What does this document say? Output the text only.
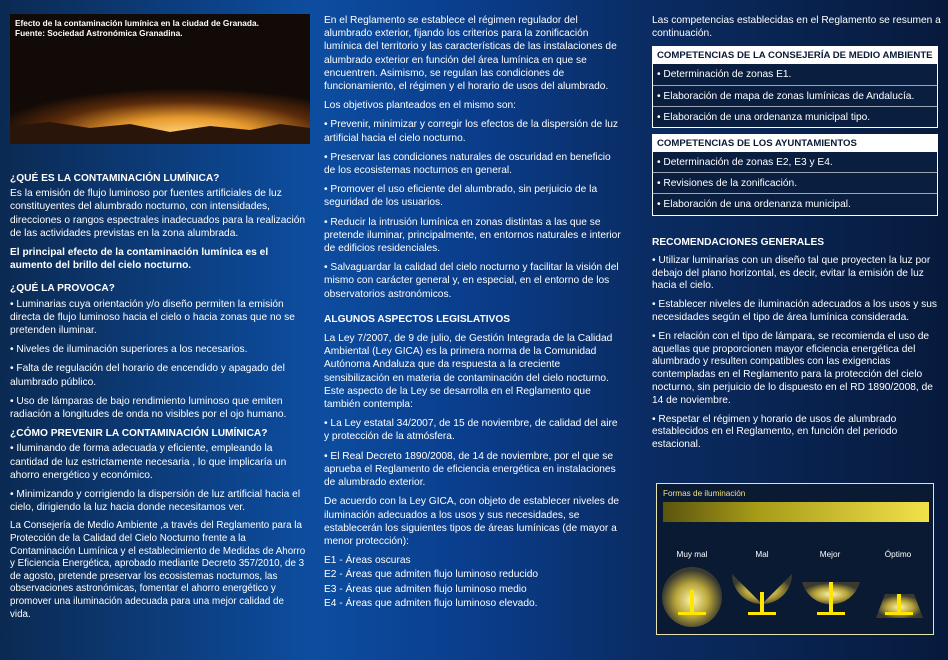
Efecto de la contaminación lumínica en la ciudad de Granada.
Fuente: Sociedad Astronómica Granadina.
¿QUÉ ES LA CONTAMINACIÓN LUMÍNICA?

Es la emisión de flujo luminoso por fuentes artificiales de luz constituyentes del alumbrado nocturno, con intensidades, direcciones o rangos espectrales inadecuados para la realización de las actividades previstas en la zona alumbrada.

El principal efecto de la contaminación lumínica es el aumento del brillo del cielo nocturno.

¿QUÉ LA PROVOCA?

• Luminarias cuya orientación y/o diseño permiten la emisión directa de flujo luminoso hacia el cielo o hacia zonas que no se pretenden iluminar.

• Niveles de iluminación superiores a los necesarios.

• Falta de regulación del horario de encendido y apagado del alumbrado público.

• Uso de lámparas de bajo rendimiento luminoso que emiten radiación a longitudes de onda no visibles por el ojo humano.

¿CÓMO PREVENIR LA CONTAMINACIÓN LUMÍNICA?

• Iluminando de forma adecuada y eficiente, empleando la cantidad de luz estrictamente necesaria , lo que implicaría un ahorro energético y económico.

• Minimizando y corrigiendo la dispersión de luz artificial hacia el cielo, dirigiendo la luz hacia donde necesitamos ver.

La Consejería de Medio Ambiente ,a través del Reglamento para la Protección de la Calidad del Cielo Nocturno frente a la Contaminación Lumínica y el establecimiento de Medidas de Ahorro y Eficiencia Energética, aprobado mediante Decreto 357/2010, de 3 de agosto, pretende preservar los ecosistemas nocturnos, las observaciones astronómicas, fomentar el ahorro energético y promover una iluminación adecuada para una mejor calidad de vida.

En el Reglamento se establece el régimen regulador del alumbrado exterior, fijando los criterios para la zonificación lumínica del territorio y las características de las instalaciones de alumbrado exterior en función del área lumínica en que se encuentren. Asimismo, se regulan las condiciones de funcionamiento, el régimen y el horario de usos del alumbrado.

Los objetivos planteados en el mismo son:

• Prevenir, minimizar y corregir los efectos de la dispersión de luz artificial hacia el cielo nocturno.

• Preservar las condiciones naturales de oscuridad en beneficio de los ecosistemas nocturnos en general.

• Promover el uso eficiente del alumbrado, sin perjuicio de la seguridad de los usuarios.

• Reducir la intrusión lumínica en zonas distintas a las que se pretende iluminar, principalmente, en entornos naturales e interior de edificios residenciales.

• Salvaguardar la calidad del cielo nocturno y facilitar la visión del mismo con carácter general y, en especial, en el entorno de los observatorios astronómicos.

ALGUNOS ASPECTOS LEGISLATIVOS

La Ley 7/2007, de 9 de julio, de Gestión Integrada de la Calidad Ambiental (Ley GICA) es la primera norma de la Comunidad Autónoma Andaluza que da respuesta a la creciente sensibilización en materia de contaminación del cielo nocturno. Este aspecto de la Ley se desarrolla en el Reglamento que también contempla:

• La Ley estatal 34/2007, de 15 de noviembre, de calidad del aire y protección de la atmósfera.

• El Real Decreto 1890/2008, de 14 de noviembre, por el que se aprueba el Reglamento de eficiencia energética en instalaciones de alumbrado exterior.

De acuerdo con la Ley GICA, con objeto de establecer niveles de iluminación adecuados a los usos y sus necesidades, se establecerán los siguientes tipos de áreas lumínicas (de mayor a menor protección):

E1 - Áreas oscuras

E2 - Áreas que admiten flujo luminoso reducido

E3 - Áreas que admiten flujo luminoso medio

E4 - Áreas que admiten flujo luminoso elevado.

Las competencias establecidas en el Reglamento se resumen a continuación.

COMPETENCIAS DE LA CONSEJERÍA DE MEDIO AMBIENTE

• Determinación de zonas E1.

• Elaboración de mapa de zonas lumínicas de Andalucía.

• Elaboración de una ordenanza municipal tipo.

COMPETENCIAS DE LOS AYUNTAMIENTOS

• Determinación de zonas E2, E3 y E4.

• Revisiones de la zonificación.

• Elaboración de una ordenanza municipal.

RECOMENDACIONES GENERALES

• Utilizar luminarias con un diseño tal que proyecten la luz por debajo del plano horizontal, es decir, evitar la emisión de luz hacia el cielo.

• Establecer niveles de iluminación adecuados a los usos y sus necesidades según el tipo de área lumínica considerada.

• En relación con el tipo de lámpara, se recomienda el uso de aquellas que proporcionen mayor eficiencia energética del alumbrado y resulten compatibles con las exigencias contempladas en el Reglamento para la protección del cielo nocturno, sin perjuicio de lo dispuesto en el RD 1890/2008, de 14 de noviembre.

• Respetar el régimen y horario de usos de alumbrado establecidos en el Reglamento, en función del periodo estacional.

Formas de iluminación
Muy mal	Mal	Mejor	Óptimo
